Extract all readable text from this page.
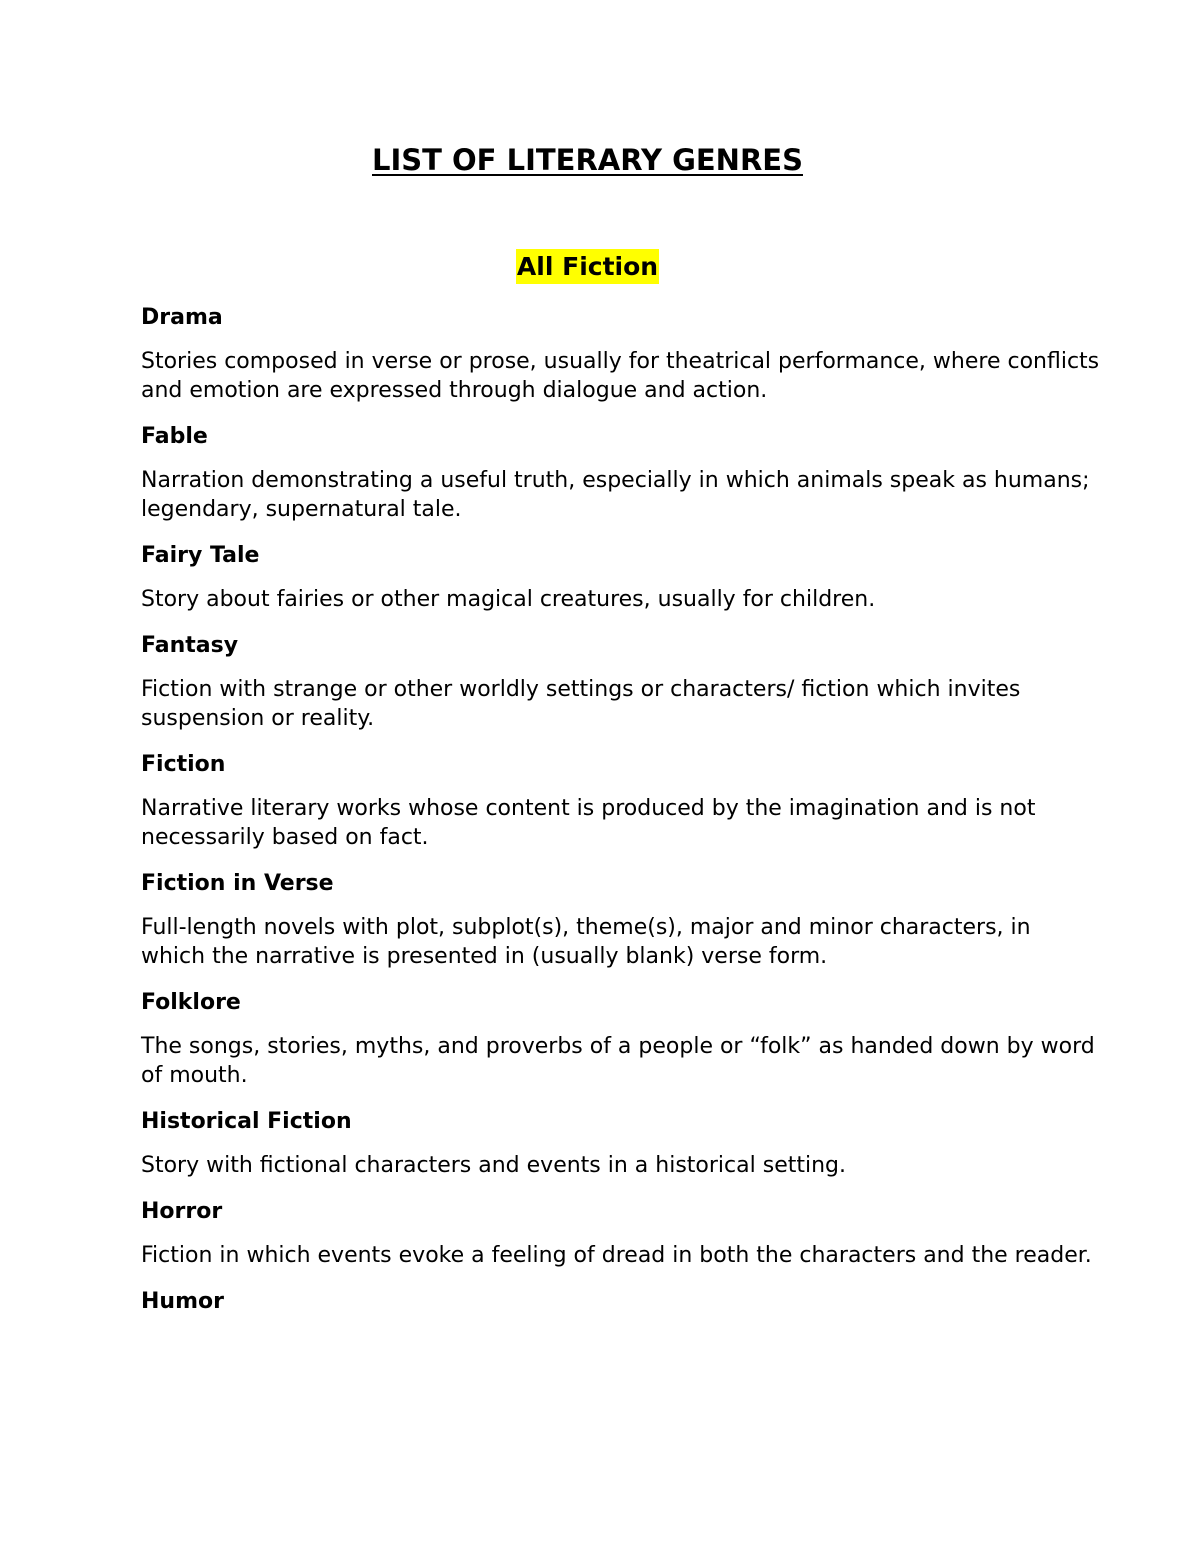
LIST OF LITERARY GENRES
All Fiction

Drama

Stories composed in verse or prose, usually for theatrical performance, where conflicts and emotion are expressed through dialogue and action.

Fable

Narration demonstrating a useful truth, especially in which animals speak as humans; legendary, supernatural tale.

Fairy Tale

Story about fairies or other magical creatures, usually for children.

Fantasy

Fiction with strange or other worldly settings or characters/ fiction which invites suspension or reality.

Fiction

Narrative literary works whose content is produced by the imagination and is not necessarily based on fact.

Fiction in Verse

Full-length novels with plot, subplot(s), theme(s), major and minor characters, in which the narrative is presented in (usually blank) verse form.

Folklore

The songs, stories, myths, and proverbs of a people or “folk” as handed down by word of mouth.

Historical Fiction

Story with fictional characters and events in a historical setting.

Horror

Fiction in which events evoke a feeling of dread in both the characters and the reader.

Humor
